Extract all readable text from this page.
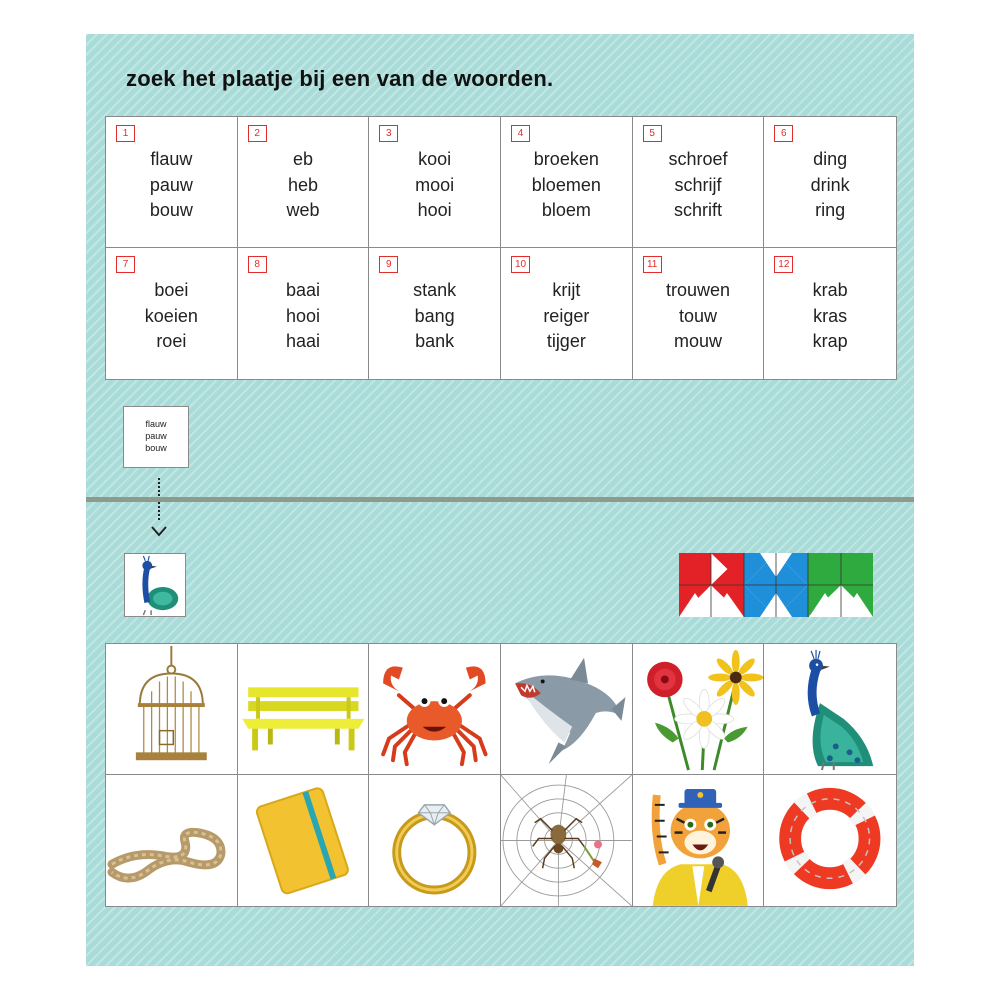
zoek het plaatje bij een van de woorden.
1
flauw
pauw
bouw
2
eb
heb
web
3
kooi
mooi
hooi
4
broeken
bloemen
bloem
5
schroef
schrijf
schrift
6
ding
drink
ring
7
boei
koeien
roei
8
baai
hooi
haai
9
stank
bang
bank
10
krijt
reiger
tijger
11
trouwen
touw
mouw
12
krab
kras
krap
flauw
pauw
bouw
